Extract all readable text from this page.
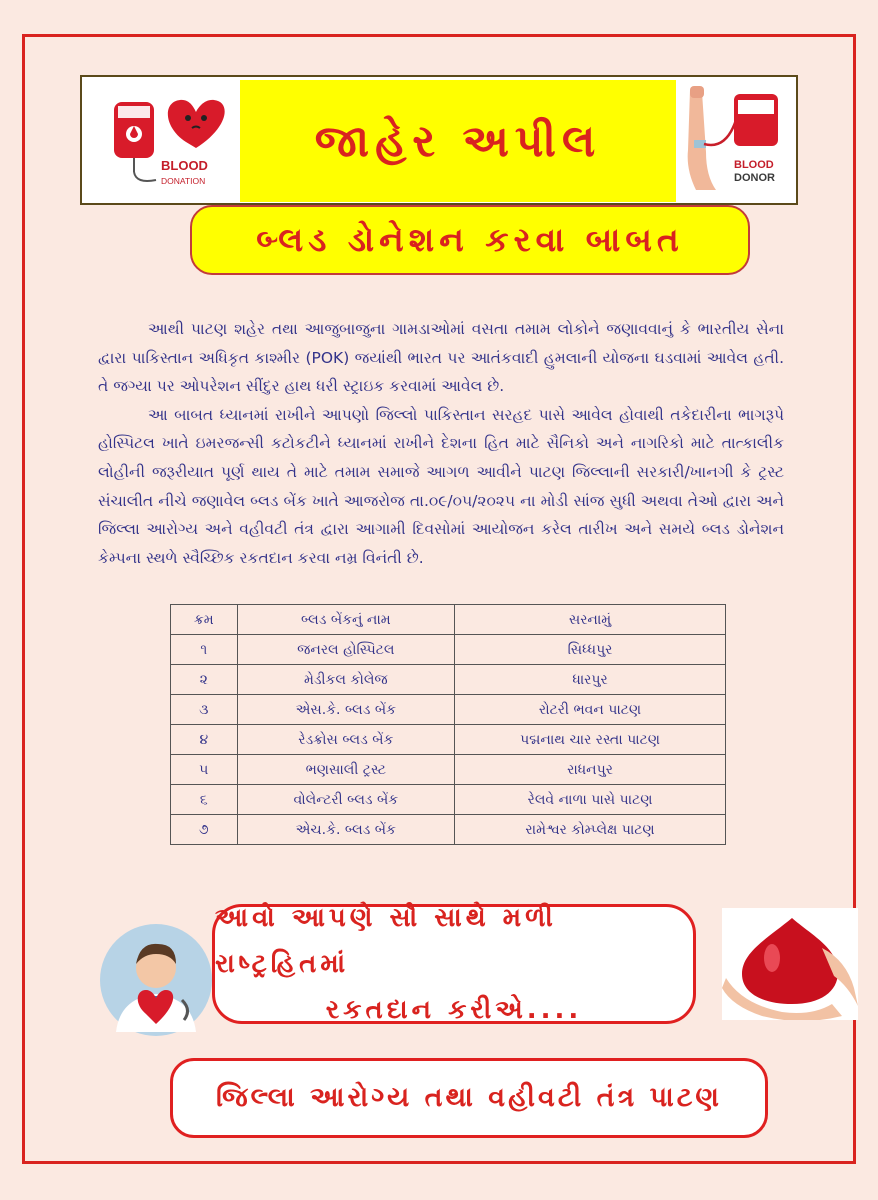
BLOOD
DONATION
જાહેર અપીલ	BLOOD
DONOR
બ્લડ ડોનેશન કરવા બાબત

આથી પાટણ શહેર તથા આજુબાજુના ગામડાઓમાં વસતા તમામ લોકોને જણાવવાનું કે ભારતીય સેના દ્વારા પાકિસ્તાન અધિકૃત કાશ્મીર (POK) જયાંથી ભારત પર આતંકવાદી હુમલાની યોજના ઘડવામાં આવેલ હતી. તે જગ્યા પર ઓપરેશન સીંદુર હાથ ધરી સ્ટ્રાઇક કરવામાં આવેલ છે.

આ બાબત ધ્યાનમાં રાખીને આપણો જિલ્લો પાકિસ્તાન સરહદ પાસે આવેલ હોવાથી તકેદારીના ભાગરૂપે હોસ્પિટલ ખાતે ઇમરજન્સી કટોકટીને ધ્યાનમાં રાખીને દેશના હિત માટે સૈનિકો અને નાગરિકો માટે તાત્કાલીક લોહીની જરૂરીયાત પૂર્ણ થાય તે માટે તમામ સમાજે આગળ આવીને પાટણ જિલ્લાની સરકારી/ખાનગી કે ટ્રસ્ટ સંચાલીત નીચે જણાવેલ બ્લડ બેંક ખાતે આજરોજ તા.૦૯/૦૫/૨૦૨૫ ના મોડી સાંજ સુધી અથવા તેઓ દ્વારા અને જિલ્લા આરોગ્ય અને વહીવટી તંત્ર દ્વારા આગામી દિવસોમાં આયોજન કરેલ તારીખ અને સમયે બ્લડ ડોનેશન કેમ્પના સ્થળે સ્વૈચ્છિક રકતદાન કરવા નમ્ર વિનંતી છે.

ક્રમ	બ્લડ બેંકનું નામ	સરનામું
૧	જનરલ હોસ્પિટલ	સિધ્ધપુર
૨	મેડીકલ કોલેજ	ધારપુર
૩	એસ.કે. બ્લડ બેંક	રોટરી ભવન પાટણ
૪	રેડક્રોસ બ્લડ બેંક	પદ્મનાથ ચાર રસ્તા પાટણ
૫	ભણસાલી ટ્રસ્ટ	રાધનપુર
૬	વોલેન્ટરી બ્લડ બેંક	રેલવે નાળા પાસે પાટણ
૭	એચ.કે. બ્લડ બેંક	રામેશ્વર કોમ્પ્લેક્ષ પાટણ
આવો આપણે સૌ સાથે મળી રાષ્ટ્રહિતમાં
રકતદાન કરીએ....
જિલ્લા આરોગ્ય તથા વહીવટી તંત્ર પાટણ
